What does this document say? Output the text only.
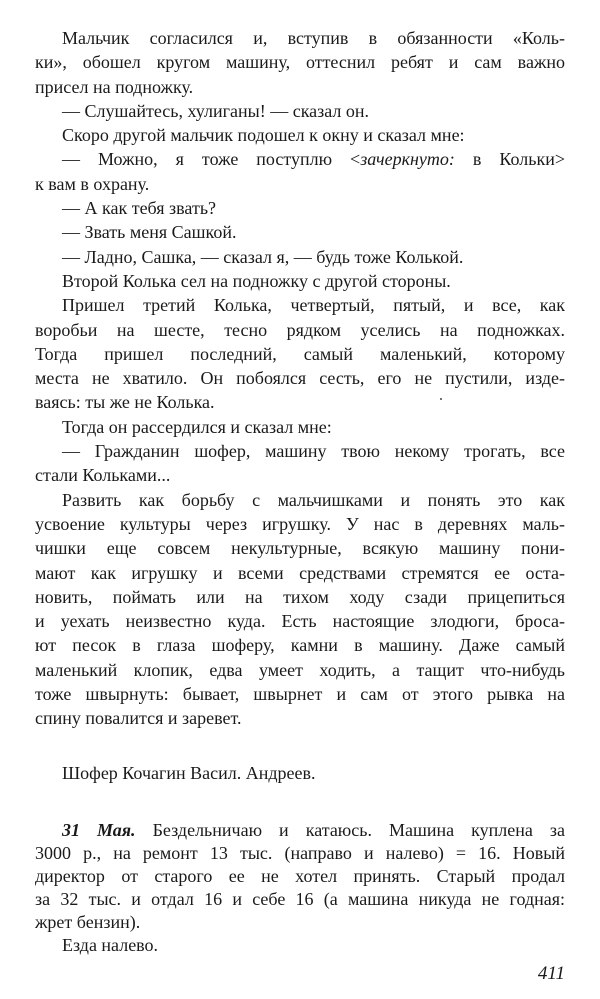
Мальчик согласился и, вступив в обязанности «Коль-
ки», обошел кругом машину, оттеснил ребят и сам важно
присел на подножку.
— Слушайтесь, хулиганы! — сказал он.
Скоро другой мальчик подошел к окну и сказал мне:
— Можно, я тоже поступлю <зачеркнуто: в Кольки>
к вам в охрану.
— А как тебя звать?
— Звать меня Сашкой.
— Ладно, Сашка, — сказал я, — будь тоже Колькой.
Второй Колька сел на подножку с другой стороны.
Пришел третий Колька, четвертый, пятый, и все, как
воробьи на шесте, тесно рядком уселись на подножках.
Тогда пришел последний, самый маленький, которому
места не хватило. Он побоялся сесть, его не пустили, изде-
ваясь: ты же не Колька.
Тогда он рассердился и сказал мне:
— Гражданин шофер, машину твою некому трогать, все
стали Кольками...
Развить как борьбу с мальчишками и понять это как
усвоение культуры через игрушку. У нас в деревнях маль-
чишки еще совсем некультурные, всякую машину пони-
мают как игрушку и всеми средствами стремятся ее оста-
новить, поймать или на тихом ходу сзади прицепиться
и уехать неизвестно куда. Есть настоящие злодюги, броса-
ют песок в глаза шоферу, камни в машину. Даже самый
маленький клопик, едва умеет ходить, а тащит что-нибудь
тоже швырнуть: бывает, швырнет и сам от этого рывка на
спину повалится и заревет.
Шофер Кочагин Васил. Андреев.
31 Мая. Бездельничаю и катаюсь. Машина куплена за
3000 р., на ремонт 13 тыс. (направо и налево) = 16. Новый
директор от старого ее не хотел принять. Старый продал
за 32 тыс. и отдал 16 и себе 16 (а машина никуда не годная:
жрет бензин).
Езда налево.
411
